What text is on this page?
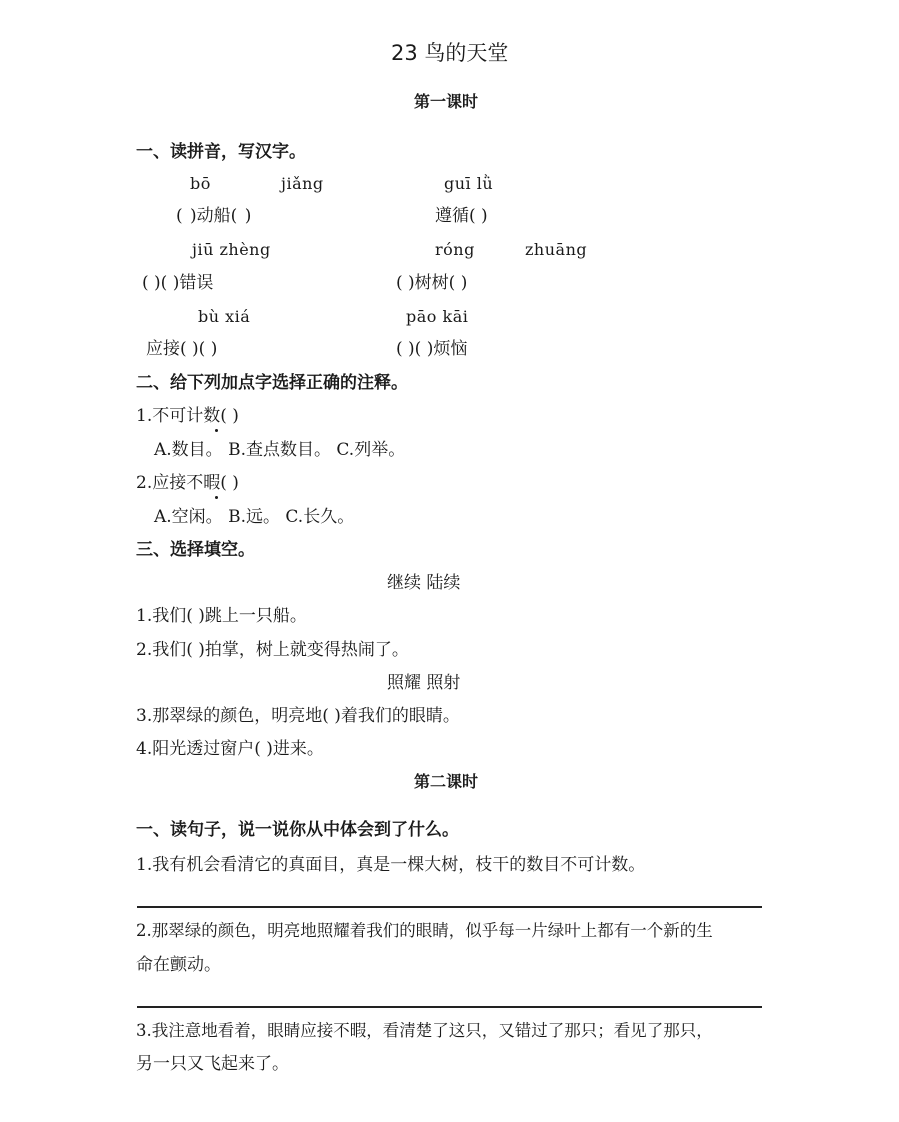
23 鸟的天堂
第一课时
一、读拼音，写汉字。
bō	jiǎng	guī lǜ
( )动船( )	遵循( )
jiū zhèng	róng	zhuāng
( )( )错误	( )树树( )
bù xiá	pāo kāi
应接( )( )	( )( )烦恼
二、给下列加点字选择正确的注释。
1.不可计数( )
A.数目。 B.查点数目。 C.列举。
2.应接不暇( )
A.空闲。 B.远。 C.长久。
三、选择填空。
继续 陆续
1.我们( )跳上一只船。
2.我们( )拍掌，树上就变得热闹了。
照耀 照射
3.那翠绿的颜色，明亮地( )着我们的眼睛。
4.阳光透过窗户( )进来。
第二课时
一、读句子，说一说你从中体会到了什么。
1.我有机会看清它的真面目，真是一棵大树，枝干的数目不可计数。
2.那翠绿的颜色，明亮地照耀着我们的眼睛，似乎每一片绿叶上都有一个新的生
命在颤动。
3.我注意地看着，眼睛应接不暇，看清楚了这只，又错过了那只；看见了那只，
另一只又飞起来了。
